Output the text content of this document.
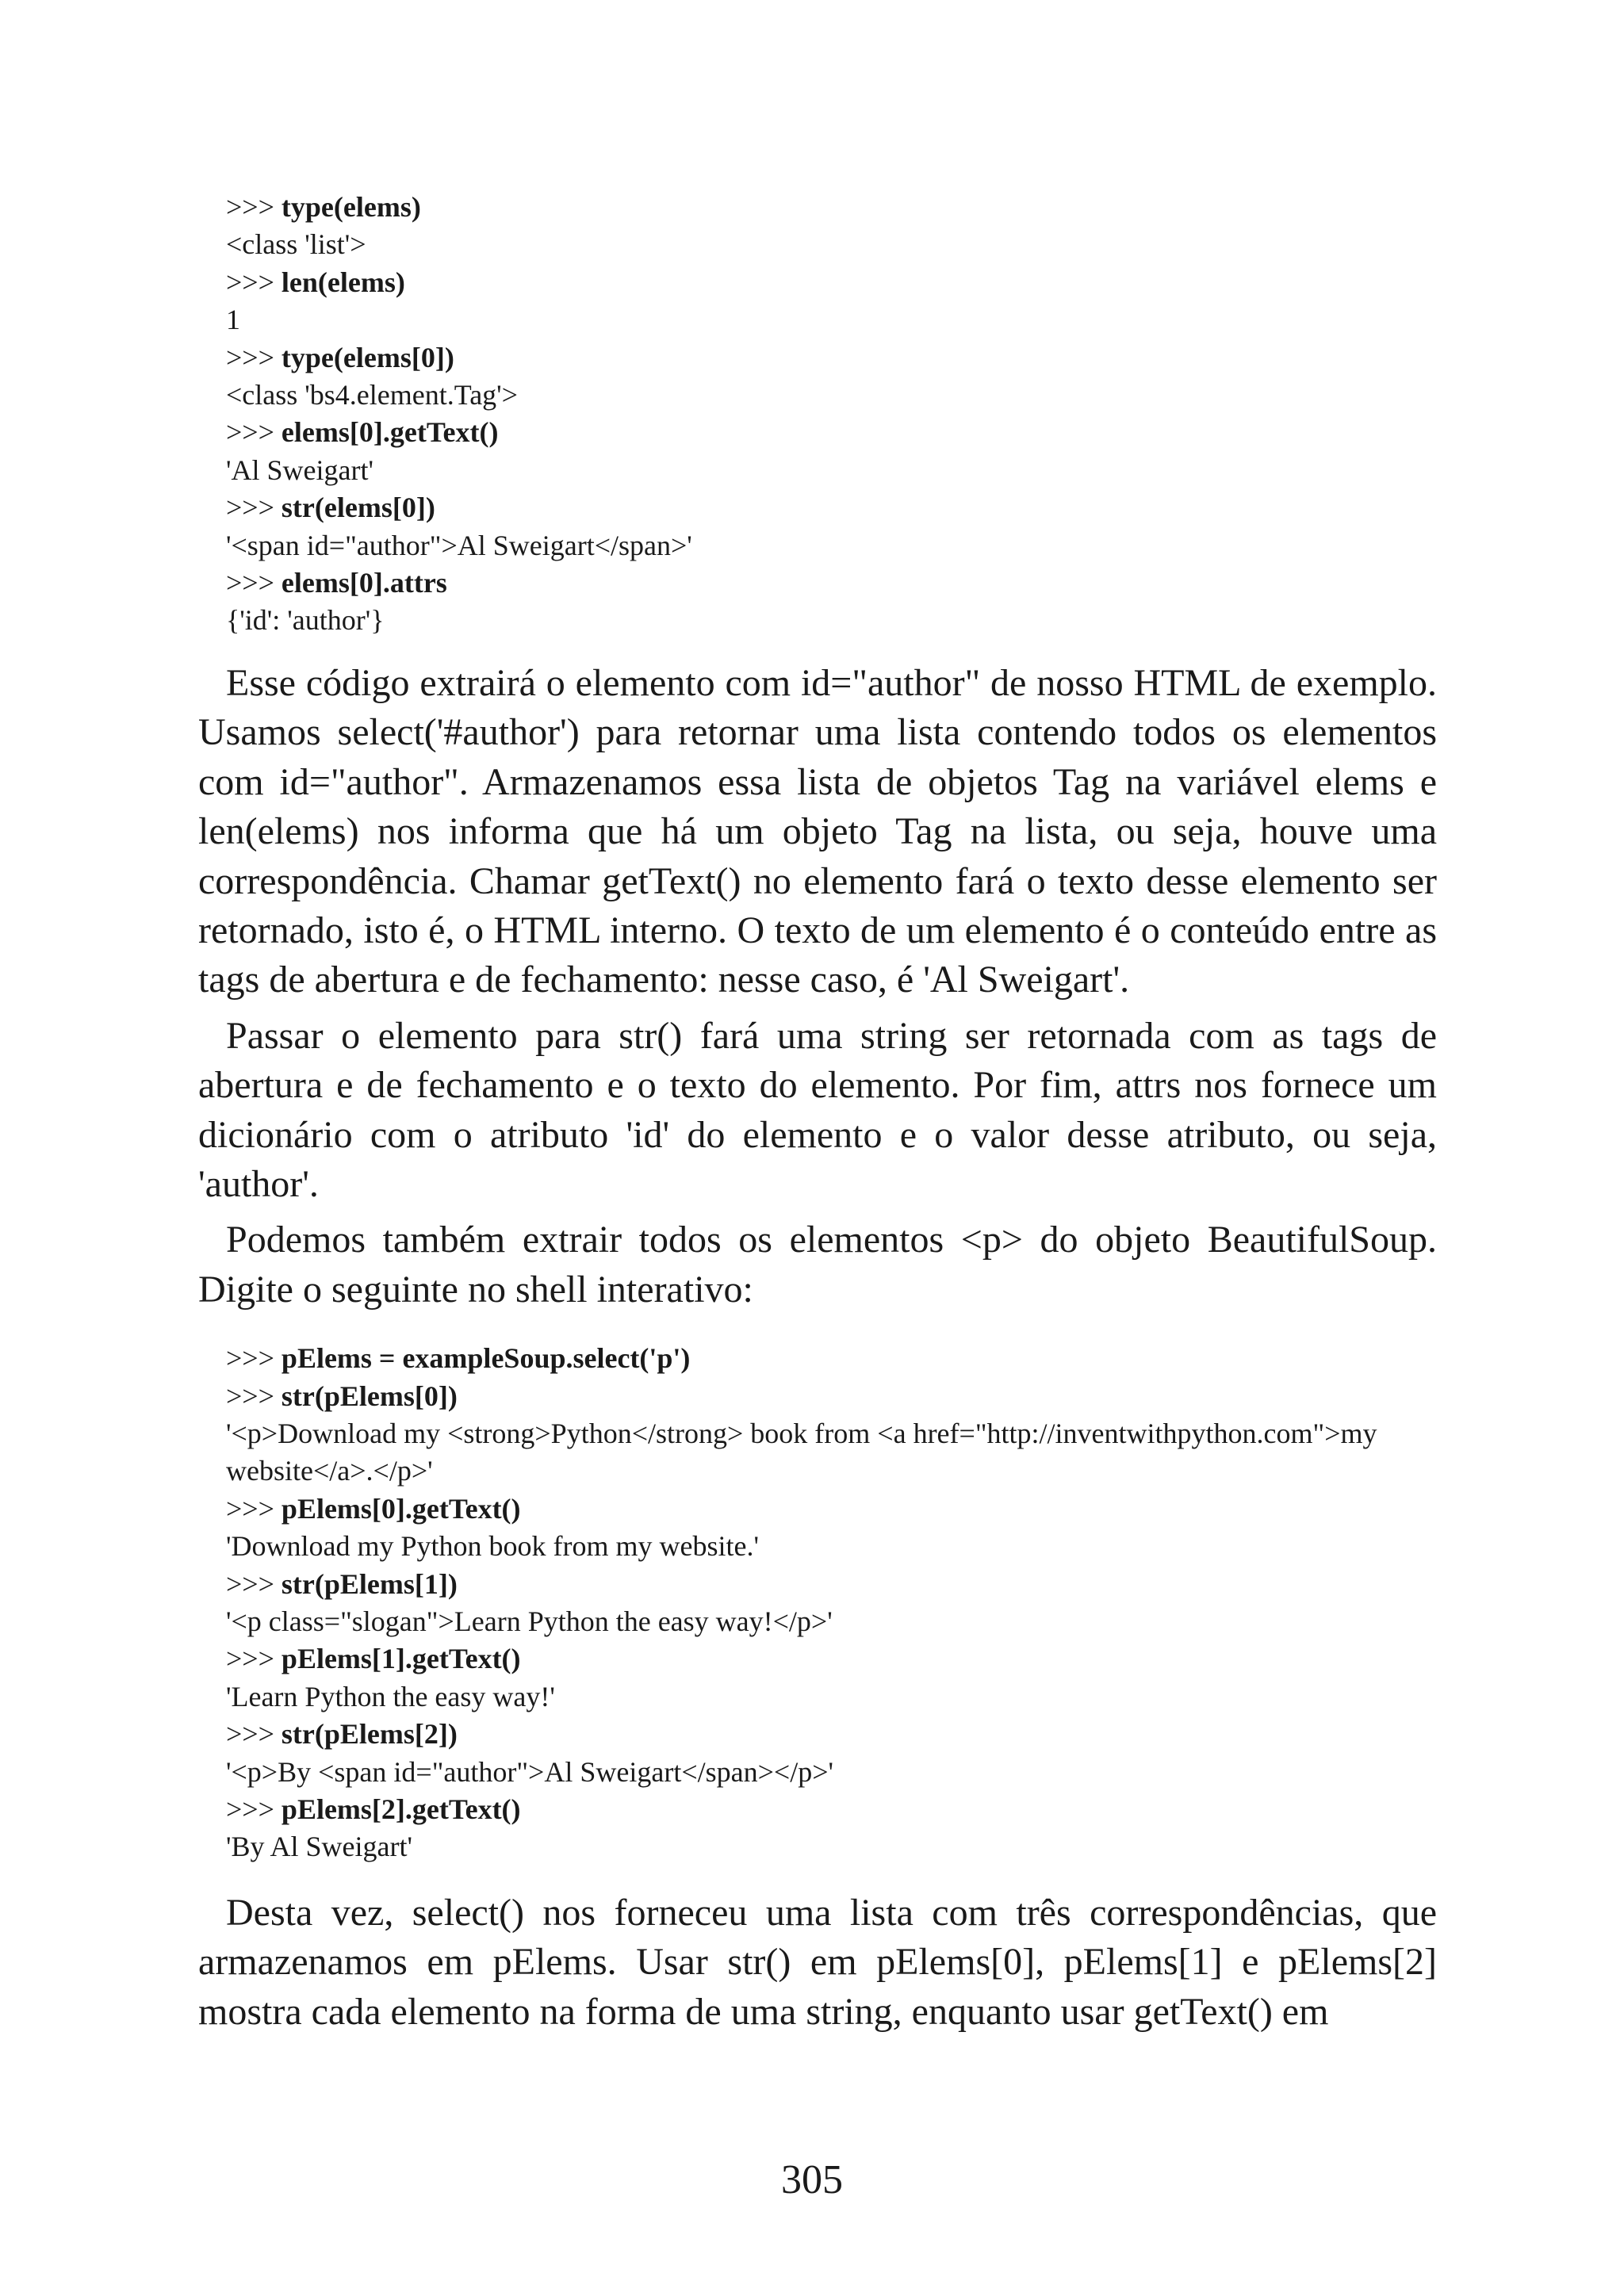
>>> type(elems)
<class 'list'>
>>> len(elems)
1
>>> type(elems[0])
<class 'bs4.element.Tag'>
>>> elems[0].getText()
'Al Sweigart'
>>> str(elems[0])
'<span id="author">Al Sweigart</span>'
>>> elems[0].attrs
{'id': 'author'}

Esse código extrairá o elemento com id="author" de nosso HTML de exemplo. Usamos select('#author') para retornar uma lista contendo todos os elementos com id="author". Armazenamos essa lista de objetos Tag na variável elems e len(elems) nos informa que há um objeto Tag na lista, ou seja, houve uma correspondência. Chamar getText() no elemento fará o texto desse elemento ser retornado, isto é, o HTML interno. O texto de um elemento é o conteúdo entre as tags de abertura e de fechamento: nesse caso, é 'Al Sweigart'.

Passar o elemento para str() fará uma string ser retornada com as tags de abertura e de fechamento e o texto do elemento. Por fim, attrs nos fornece um dicionário com o atributo 'id' do elemento e o valor desse atributo, ou seja, 'author'.

Podemos também extrair todos os elementos <p> do objeto BeautifulSoup. Digite o seguinte no shell interativo:

>>> pElems = exampleSoup.select('p')
>>> str(pElems[0])
'<p>Download my <strong>Python</strong> book from <a href="http://inventwithpython.com">my website</a>.</p>'
>>> pElems[0].getText()
'Download my Python book from my website.'
>>> str(pElems[1])
'<p class="slogan">Learn Python the easy way!</p>'
>>> pElems[1].getText()
'Learn Python the easy way!'
>>> str(pElems[2])
'<p>By <span id="author">Al Sweigart</span></p>'
>>> pElems[2].getText()
'By Al Sweigart'

Desta vez, select() nos forneceu uma lista com três correspondências, que armazenamos em pElems. Usar str() em pElems[0], pElems[1] e pElems[2] mostra cada elemento na forma de uma string, enquanto usar getText() em

305
